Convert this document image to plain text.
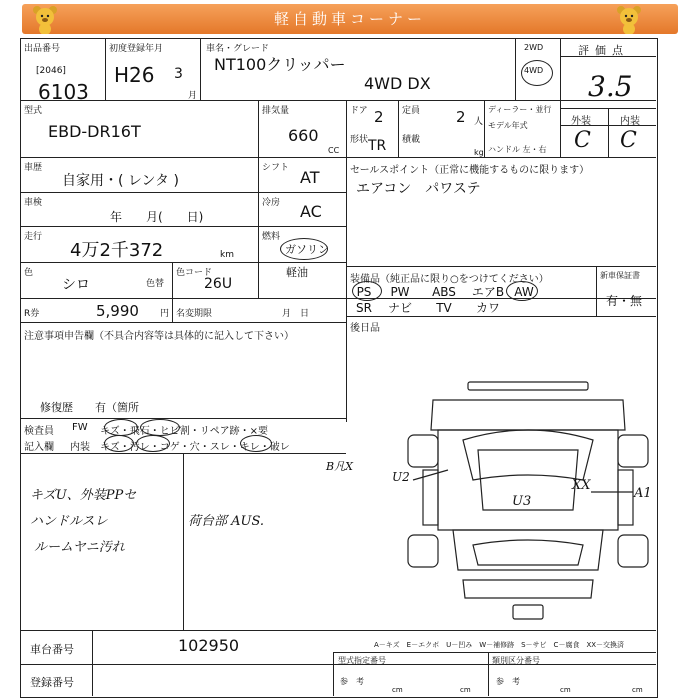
軽自動車コーナー
出品番号
[2046]
6103
初度登録年月
H26 3
月
車名・グレード
NT100クリッパー
4WD DX
2WD
4WD
評価点
3.5
外装	内装
C C
型式
EBD-DR16T
排気量
660
CC
ドア 2 定員 2 人
ディーラー・並行
モデル年式
ハンドル 左・右
形状 TR 積載
kg
車歴
自家用・( レンタ )
シフト AT
車検
年　　月(　　日)
冷房 AC
走行
4万2千372	km
燃料
ガソリン
軽油
色
シロ	色替
色コード
26U
R券	5,990 円 名変期限	月　日
セールスポイント（正常に機能するものに限ります）
エアコン　パワステ
装備品（純正品に限り○をつけてください）
PS PW ABS エアB AW
SR ナビ TV カワ
新車保証書
有・無
後日品
注意事項申告欄（不具合内容等は具体的に記入して下さい）
修復歴　　有（箇所
検査員
記入欄
FW キズ・飛石・ヒビ割・リペア跡・×要
内装 キズ・汚レ・コゲ・穴・スレ・キレ・破レ
キズU、外装PPセ
ハンドルスレ
ルームヤニ汚れ
荷台部 AUS.
B凡X
U2
U3
XX
A1
A－キズ　E－エクボ　U－凹み　W－補修跡　S－サビ　C－腐食　XX－交換済
車台番号	102950
登録番号
型式指定番号	類別区分番号
参　考	参　考
cm	cm	cm	cm
